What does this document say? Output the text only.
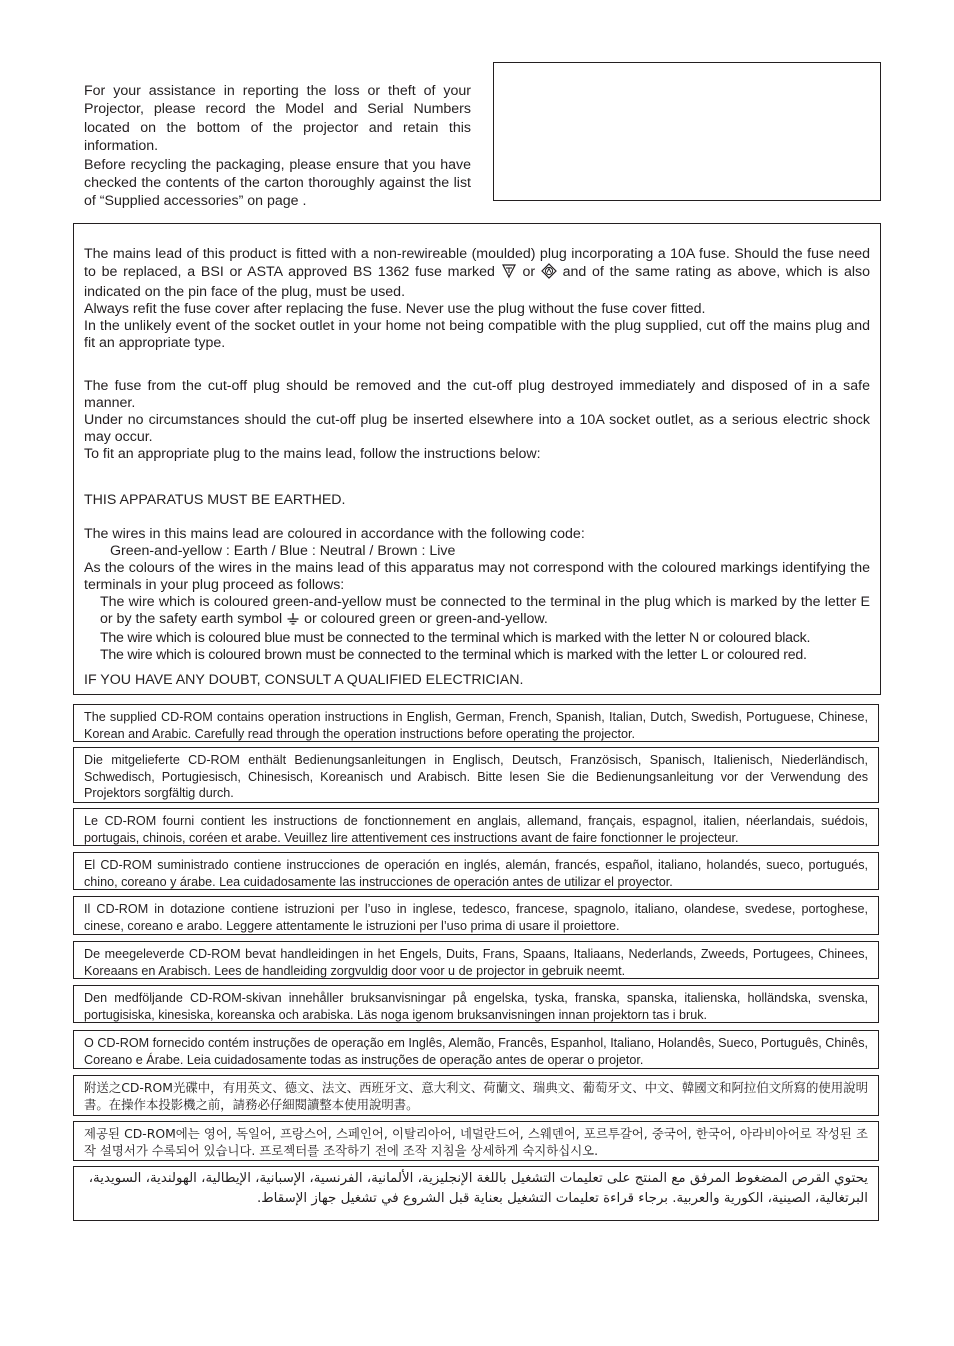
For your assistance in reporting the loss or theft of your Projector, please record the Model and Serial Numbers located on the bottom of the projector and retain this information.

Before recycling the packaging, please ensure that you have checked the contents of the carton thoroughly against the list of “Supplied accessories” on page .

The mains lead of this product is fitted with a non-rewireable (moulded) plug incorporating a 10A fuse. Should the fuse need to be replaced, a BSI or ASTA approved BS 1362 fuse marked or and of the same rating as above, which is also indicated on the pin face of the plug, must be used.

Always refit the fuse cover after replacing the fuse. Never use the plug without the fuse cover fitted.

In the unlikely event of the socket outlet in your home not being compatible with the plug supplied, cut off the mains plug and fit an appropriate type.

The fuse from the cut-off plug should be removed and the cut-off plug destroyed immediately and disposed of in a safe manner.

Under no circumstances should the cut-off plug be inserted elsewhere into a 10A socket outlet, as a serious electric shock may occur.

To fit an appropriate plug to the mains lead, follow the instructions below:

THIS APPARATUS MUST BE EARTHED.

The wires in this mains lead are coloured in accordance with the following code:

Green-and-yellow : Earth / Blue : Neutral / Brown : Live

As the colours of the wires in the mains lead of this apparatus may not correspond with the coloured markings identifying the terminals in your plug proceed as follows:

The wire which is coloured green-and-yellow must be connected to the terminal in the plug which is marked by the letter E or by the safety earth symbol or coloured green or green-and-yellow.

The wire which is coloured blue must be connected to the terminal which is marked with the letter N or coloured black.

The wire which is coloured brown must be connected to the terminal which is marked with the letter L or coloured red.

IF YOU HAVE ANY DOUBT, CONSULT A QUALIFIED ELECTRICIAN.
The supplied CD-ROM contains operation instructions in English, German, French, Spanish, Italian, Dutch, Swedish, Portuguese, Chinese, Korean and Arabic. Carefully read through the operation instructions before operating the projector.
Die mitgelieferte CD-ROM enthält Bedienungsanleitungen in Englisch, Deutsch, Französisch, Spanisch, Italienisch, Niederländisch, Schwedisch, Portugiesisch, Chinesisch, Koreanisch und Arabisch. Bitte lesen Sie die Bedienungsanleitung vor der Verwendung des Projektors sorgfältig durch.
Le CD-ROM fourni contient les instructions de fonctionnement en anglais, allemand, français, espagnol, italien, néerlandais, suédois, portugais, chinois, coréen et arabe. Veuillez lire attentivement ces instructions avant de faire fonctionner le projecteur.
El CD-ROM suministrado contiene instrucciones de operación en inglés, alemán, francés, español, italiano, holandés, sueco, portugués, chino, coreano y árabe. Lea cuidadosamente las instrucciones de operación antes de utilizar el proyector.
Il CD-ROM in dotazione contiene istruzioni per l’uso in inglese, tedesco, francese, spagnolo, italiano, olandese, svedese, portoghese, cinese, coreano e arabo. Leggere attentamente le istruzioni per l’uso prima di usare il proiettore.
De meegeleverde CD-ROM bevat handleidingen in het Engels, Duits, Frans, Spaans, Italiaans, Nederlands, Zweeds, Portugees, Chinees, Koreaans en Arabisch. Lees de handleiding zorgvuldig door voor u de projector in gebruik neemt.
Den medföljande CD-ROM-skivan innehåller bruksanvisningar på engelska, tyska, franska, spanska, italienska, holländska, svenska, portugisiska, kinesiska, koreanska och arabiska. Läs noga igenom bruksanvisningen innan projektorn tas i bruk.
O CD-ROM fornecido contém instruções de operação em Inglês, Alemão, Francês, Espanhol, Italiano, Holandês, Sueco, Português, Chinês, Coreano e Árabe. Leia cuidadosamente todas as instruções de operação antes de operar o projetor.
附送之CD-ROM光碟中，有用英文、德文、法文、西班牙文、意大利文、荷蘭文、瑞典文、葡萄牙文、中文、韓國文和阿拉伯文所寫的使用說明書。在操作本投影機之前，請務必仔細閱讀整本使用說明書。
제공된 CD-ROM에는 영어, 독일어, 프랑스어, 스페인어, 이탈리아어, 네덜란드어, 스웨덴어, 포르투갈어, 중국어, 한국어, 아라비아어로 작성된 조작 설명서가 수록되어 있습니다. 프로젝터를 조작하기 전에 조작 지침을 상세하게 숙지하십시오.
يحتوي القرص المضغوط المرفق مع المنتج على تعليمات التشغيل باللغة الإنجليزية، الألمانية، الفرنسية، الإسبانية، الإيطالية، الهولندية، السويدية، البرتغالية، الصينية، الكورية والعربية. برجاء قراءة تعليمات التشغيل بعناية قبل الشروع في تشغيل جهاز الإسقاط.
